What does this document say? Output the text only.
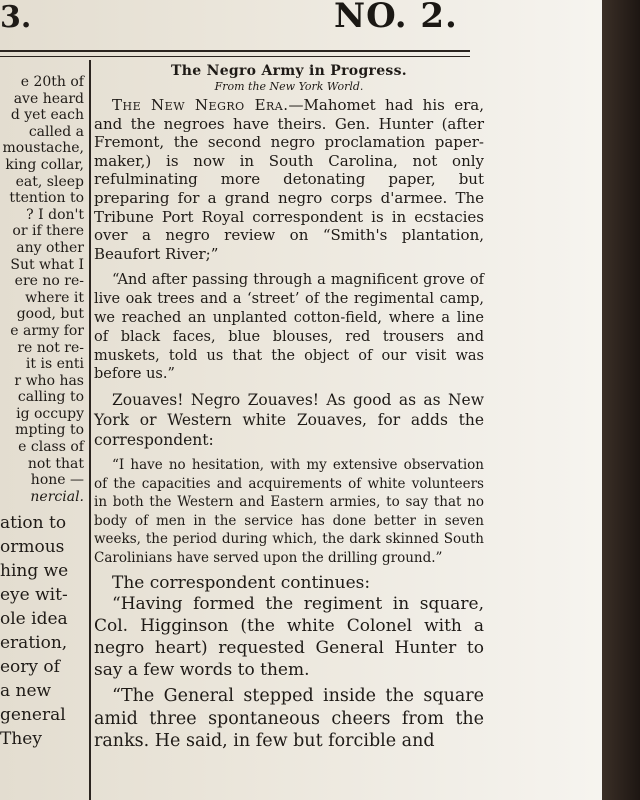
3.	NO. 2.
e 20th of
ave heard
d yet each
called a
moustache,
king collar,
eat, sleep
ttention to
? I don't
or if there
any other
Sut what I
ere no re-
where it
good, but
e army for
re not re-
it is enti
r who has
calling to
ig occupy
mpting to
e class of
not that
hone —
nercial.
ation to
ormous
hing we
eye wit-
ole idea
eration,
eory of
a new
general
They

The Negro Army in Progress.

From the New York World.

The New Negro Era.—Mahomet had his era, and the negroes have theirs. Gen. Hunter (after Fremont, the second negro proclamation paper-maker,) is now in South Carolina, not only refulminating more detonating paper, but preparing for a grand negro corps d'armee. The Tribune Port Royal correspondent is in ecstacies over a negro review on “Smith's plantation, Beaufort River;”

“And after passing through a magnificent grove of live oak trees and a ‘street’ of the regimental camp, we reached an unplanted cotton-field, where a line of black faces, blue blouses, red trousers and muskets, told us that the object of our visit was before us.”

Zouaves! Negro Zouaves! As good as as New York or Western white Zouaves, for adds the correspondent:

“I have no hesitation, with my extensive observation of the capacities and acquirements of white volunteers in both the Western and Eastern armies, to say that no body of men in the service has done better in seven weeks, the period during which, the dark skinned South Carolinians have served upon the drilling ground.”

The correspondent continues:

“Having formed the regiment in square, Col. Higginson (the white Colonel with a negro heart) requested General Hunter to say a few words to them.

“The General stepped inside the square amid three spontaneous cheers from the ranks. He said, in few but forcible and
